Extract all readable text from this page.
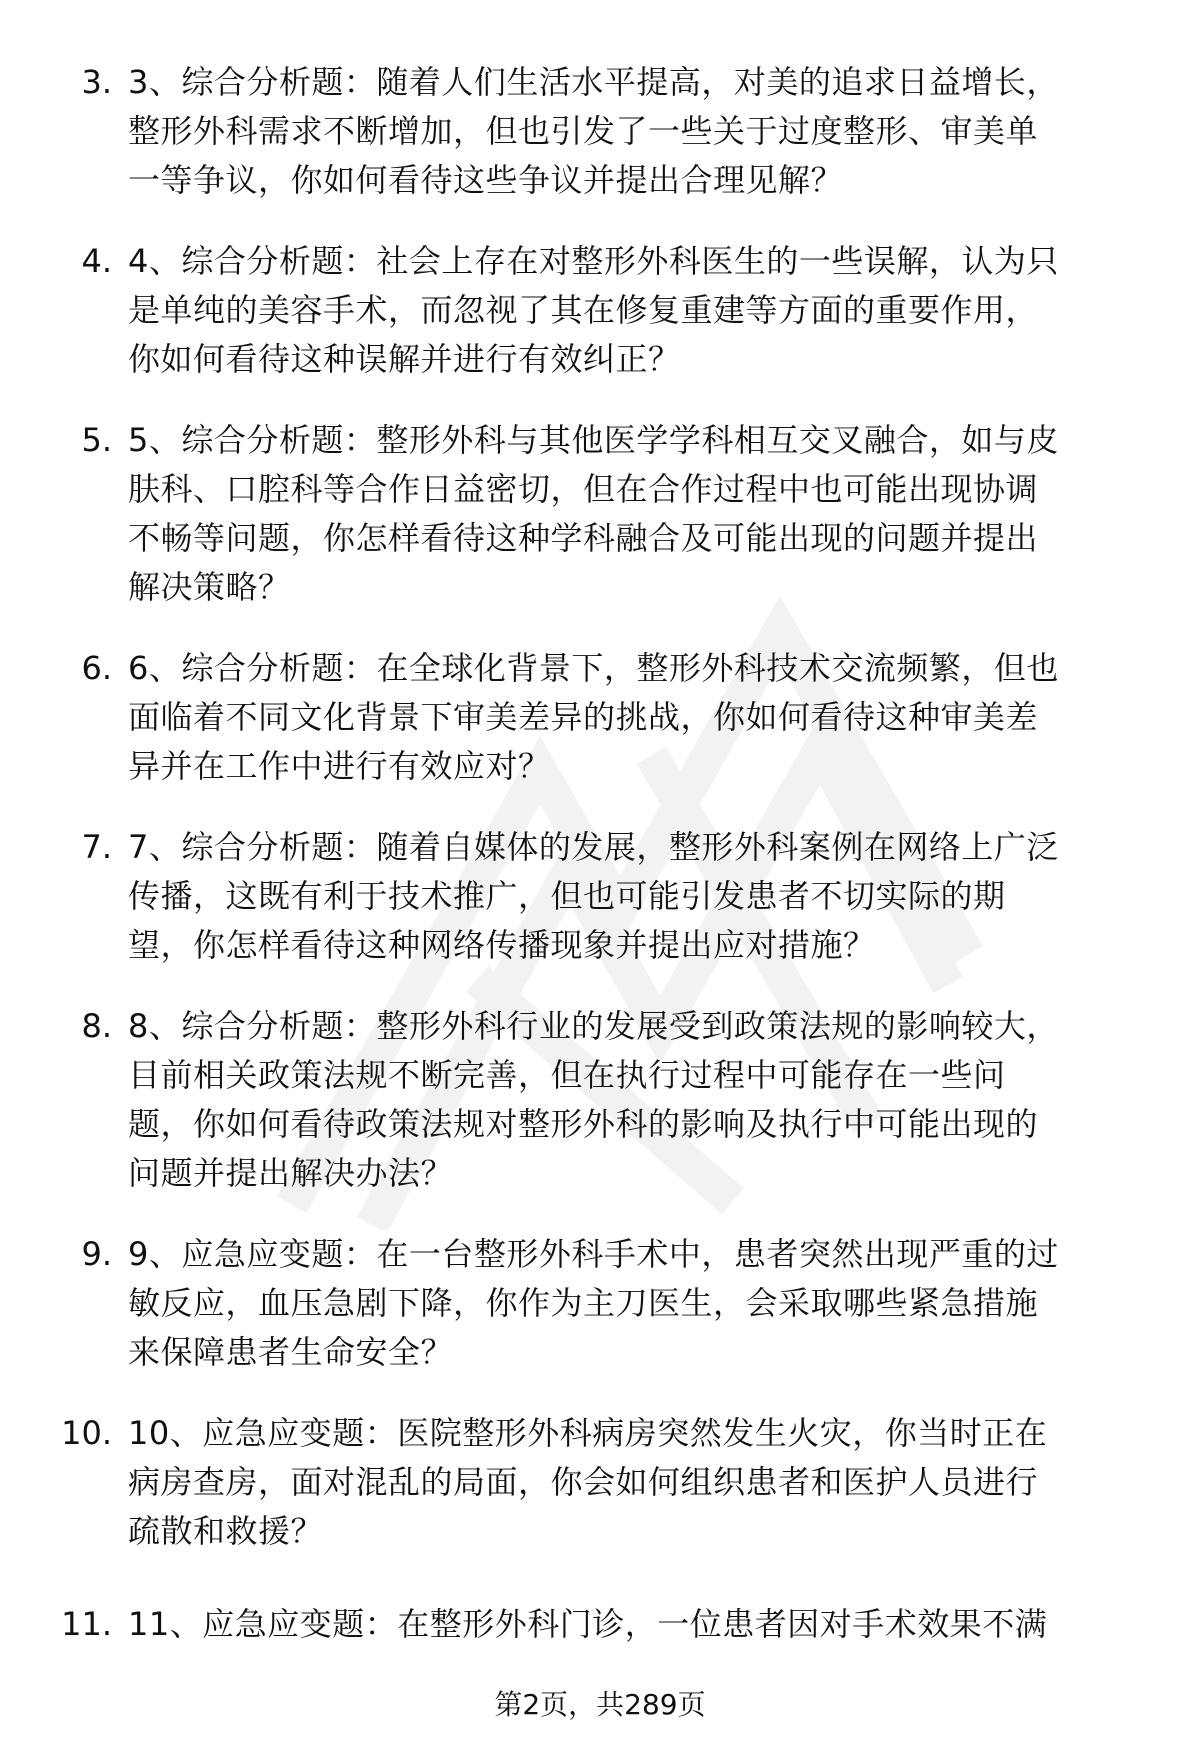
3. 3、综合分析题：随着人们生活水平提高，对美的追求日益增长，
整形外科需求不断增加，但也引发了一些关于过度整形、审美单
一等争议，你如何看待这些争议并提出合理见解？
4. 4、综合分析题：社会上存在对整形外科医生的一些误解，认为只
是单纯的美容手术，而忽视了其在修复重建等方面的重要作用，
你如何看待这种误解并进行有效纠正？
5. 5、综合分析题：整形外科与其他医学学科相互交叉融合，如与皮
肤科、口腔科等合作日益密切，但在合作过程中也可能出现协调
不畅等问题，你怎样看待这种学科融合及可能出现的问题并提出
解决策略？
6. 6、综合分析题：在全球化背景下，整形外科技术交流频繁，但也
面临着不同文化背景下审美差异的挑战，你如何看待这种审美差
异并在工作中进行有效应对？
7. 7、综合分析题：随着自媒体的发展，整形外科案例在网络上广泛
传播，这既有利于技术推广，但也可能引发患者不切实际的期
望，你怎样看待这种网络传播现象并提出应对措施？
8. 8、综合分析题：整形外科行业的发展受到政策法规的影响较大，
目前相关政策法规不断完善，但在执行过程中可能存在一些问
题，你如何看待政策法规对整形外科的影响及执行中可能出现的
问题并提出解决办法？
9. 9、应急应变题：在一台整形外科手术中，患者突然出现严重的过
敏反应，血压急剧下降，你作为主刀医生，会采取哪些紧急措施
来保障患者生命安全？
10. 10、应急应变题：医院整形外科病房突然发生火灾，你当时正在
病房查房，面对混乱的局面，你会如何组织患者和医护人员进行
疏散和救援？
11. 11、应急应变题：在整形外科门诊，一位患者因对手术效果不满
第2页，共289页
